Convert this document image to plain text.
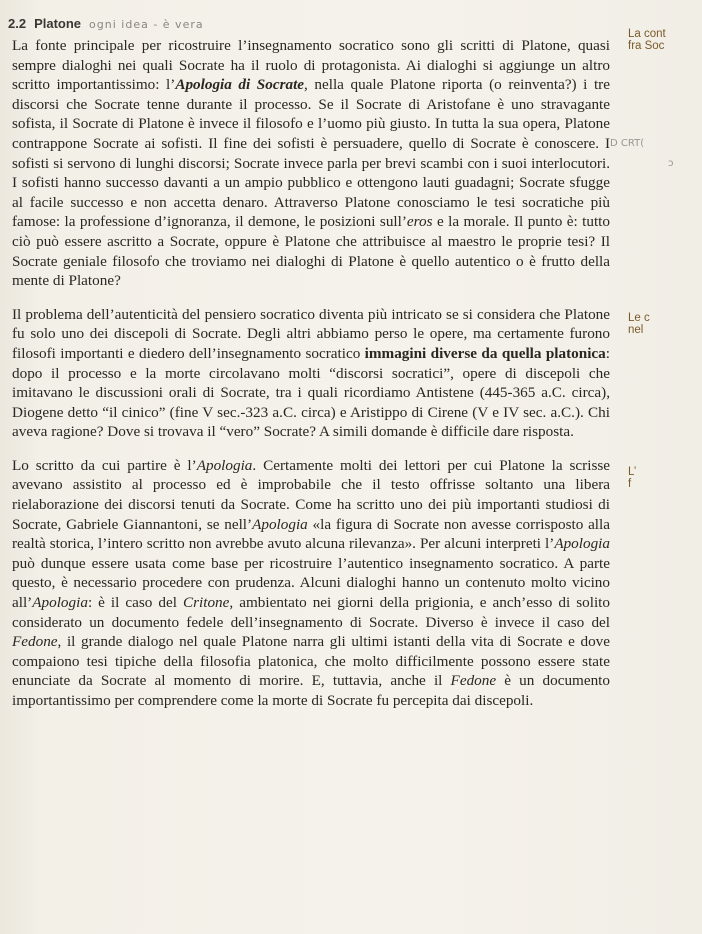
2.2 Platone ogni idea - è vera

La fonte principale per ricostruire l’insegnamento socratico sono gli scritti di Platone, quasi sempre dialoghi nei quali Socrate ha il ruolo di protagonista. Ai dialoghi si aggiunge un altro scritto importantissimo: l’Apologia di Socrate, nella quale Platone riporta (o reinventa?) i tre discorsi che Socrate tenne durante il processo. Se il Socrate di Aristofane è uno stravagante sofista, il Socrate di Platone è invece il filosofo e l’uomo più giusto. In tutta la sua opera, Platone contrappone Socrate ai sofisti. Il fine dei sofisti è persuadere, quello di Socrate è conoscere. I sofisti si servono di lunghi discorsi; Socrate invece parla per brevi scambi con i suoi interlocutori. I sofisti hanno successo davanti a un ampio pubblico e ottengono lauti guadagni; Socrate sfugge al facile successo e non accetta denaro. Attraverso Platone conosciamo le tesi socratiche più famose: la professione d’ignoranza, il demone, le posizioni sull’eros e la morale. Il punto è: tutto ciò può essere ascritto a Socrate, oppure è Platone che attribuisce al maestro le proprie tesi? Il Socrate geniale filosofo che troviamo nei dialoghi di Platone è quello autentico o è frutto della mente di Platone?

Il problema dell’autenticità del pensiero socratico diventa più intricato se si considera che Platone fu solo uno dei discepoli di Socrate. Degli altri abbiamo perso le opere, ma certamente furono filosofi importanti e diedero dell’insegnamento socratico immagini diverse da quella platonica: dopo il processo e la morte circolavano molti “discorsi socratici”, opere di discepoli che imitavano le discussioni orali di Socrate, tra i quali ricordiamo Antistene (445-365 a.C. circa), Diogene detto “il cinico” (fine V sec.-323 a.C. circa) e Aristippo di Cirene (V e IV sec. a.C.). Chi aveva ragione? Dove si trovava il “vero” Socrate? A simili domande è difficile dare risposta.

Lo scritto da cui partire è l’Apologia. Certamente molti dei lettori per cui Platone la scrisse avevano assistito al processo ed è improbabile che il testo offrisse soltanto una libera rielaborazione dei discorsi tenuti da Socrate. Come ha scritto uno dei più importanti studiosi di Socrate, Gabriele Giannantoni, se nell’Apologia «la figura di Socrate non avesse corrisposto alla realtà storica, l’intero scritto non avrebbe avuto alcuna rilevanza». Per alcuni interpreti l’Apologia può dunque essere usata come base per ricostruire l’autentico insegnamento socratico. A parte questo, è necessario procedere con prudenza. Alcuni dialoghi hanno un contenuto molto vicino all’Apologia: è il caso del Critone, ambientato nei giorni della prigionia, e anch’esso di solito considerato un documento fedele dell’insegnamento di Socrate. Diverso è invece il caso del Fedone, il grande dialogo nel quale Platone narra gli ultimi istanti della vita di Socrate e dove compaiono tesi tipiche della filosofia platonica, che molto difficilmente possono essere state enunciate da Socrate al momento di morire. E, tuttavia, anche il Fedone è un documento importantissimo per comprendere come la morte di Socrate fu percepita dai discepoli.

La cont
fra Soc
Le c
nel
L’
f
D CRT(
ↄ
